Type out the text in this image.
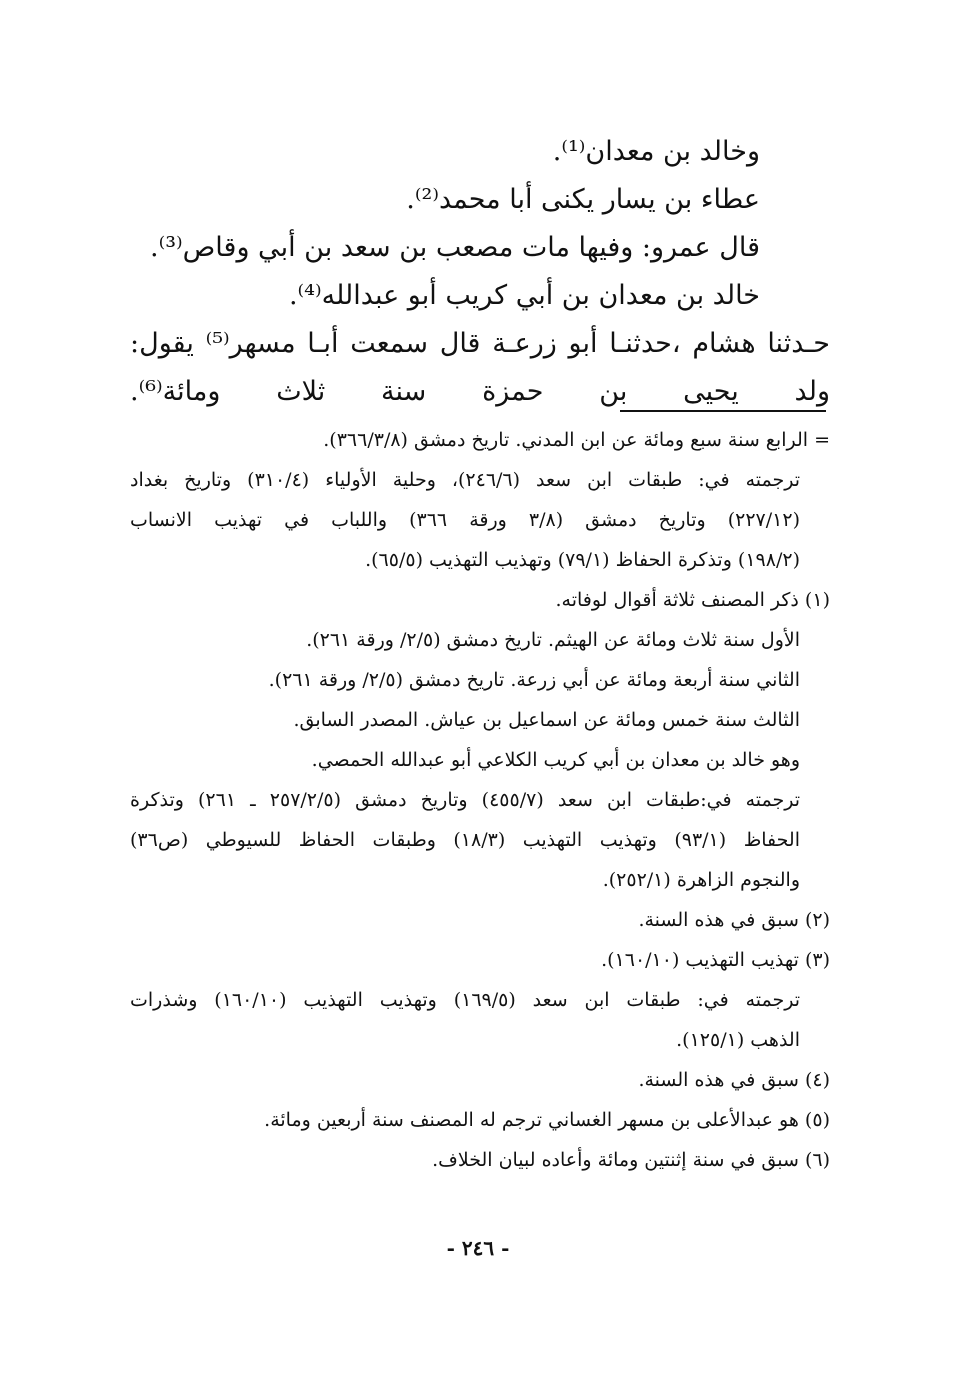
وخالد بن معدان⁽¹⁾.
عطاء بن يسار يكنى أبا محمد⁽²⁾.
قال عمرو: وفيها مات مصعب بن سعد بن أبي وقاص⁽³⁾.
خالد بن معدان بن أبي كريب أبو عبدالله⁽⁴⁾.
حـدثنا هشام ،حدثنـا أبو زرعـة قال سمعت أبـا مسهر⁽⁵⁾ يقول:
ولد يحيى بن حمزة سنة ثلاث ومائة⁽⁶⁾.
= الرابع سنة سبع ومائة عن ابن المدني. تاريخ دمشق (٣٦٦/٣/٨).
ترجمته في: طبقات ابن سعد (٢٤٦/٦)، وحلية الأولياء (٣١٠/٤) وتاريخ بغداد
(٢٢٧/١٢) وتاريخ دمشق (٣/٨ ورقة ٣٦٦) واللباب في تهذيب الانساب
(١٩٨/٢) وتذكرة الحفاظ (٧٩/١) وتهذيب التهذيب (٦٥/٥).
(١) ذكر المصنف ثلاثة أقوال لوفاته.
الأول سنة ثلاث ومائة عن الهيثم. تاريخ دمشق (٢/٥/ ورقة ٢٦١).
الثاني سنة أربعة ومائة عن أبي زرعة. تاريخ دمشق (٢/٥/ ورقة ٢٦١).
الثالث سنة خمس ومائة عن اسماعيل بن عياش. المصدر السابق.
وهو خالد بن معدان بن أبي كريب الكلاعي أبو عبدالله الحمصي.
ترجمته في:طبقات ابن سعد (٤٥٥/٧) وتاريخ دمشق (٢٥٧/٢/٥ ـ ٢٦١) وتذكرة
الحفاظ (٩٣/١) وتهذيب التهذيب (١٨/٣) وطبقات الحفاظ للسيوطي (ص٣٦)
والنجوم الزاهرة (٢٥٢/١).
(٢) سبق في هذه السنة.
(٣) تهذيب التهذيب (١٦٠/١٠).
ترجمته في: طبقات ابن سعد (١٦٩/٥) وتهذيب التهذيب (١٦٠/١٠) وشذرات
الذهب (١٢٥/١).
(٤) سبق في هذه السنة.
(٥) هو عبدالأعلى بن مسهر الغساني ترجم له المصنف سنة أربعين ومائة.
(٦) سبق في سنة إثنتين ومائة وأعاده لبيان الخلاف.
- ٢٤٦ -
